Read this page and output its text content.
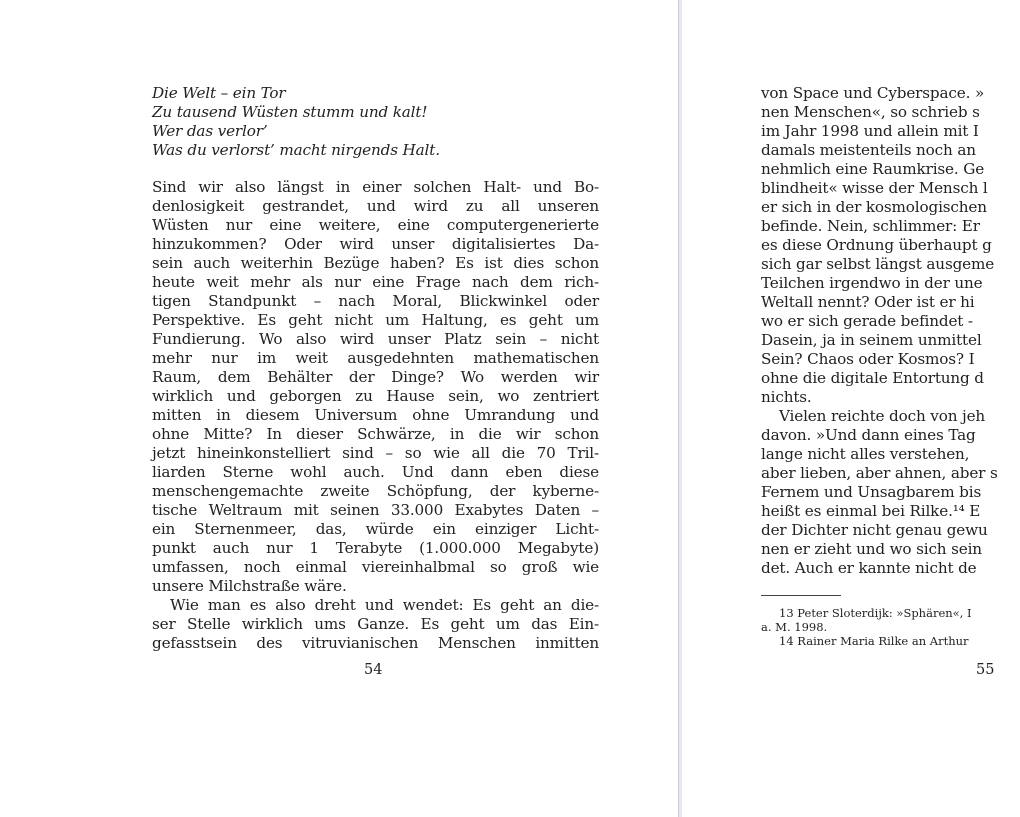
Die Welt – ein Tor
Zu tausend Wüsten stumm und kalt!
Wer das verlor’
Was du verlorst’ macht nirgends Halt.
Sind wir also längst in einer solchen Halt- und Bo-
denlosigkeit gestrandet, und wird zu all unseren
Wüsten nur eine weitere, eine computergenerierte
hinzukommen? Oder wird unser digitalisiertes Da-
sein auch weiterhin Bezüge haben? Es ist dies schon
heute weit mehr als nur eine Frage nach dem rich-
tigen Standpunkt – nach Moral, Blickwinkel oder
Perspektive. Es geht nicht um Haltung, es geht um
Fundierung. Wo also wird unser Platz sein – nicht
mehr nur im weit ausgedehnten mathematischen
Raum, dem Behälter der Dinge? Wo werden wir
wirklich und geborgen zu Hause sein, wo zentriert
mitten in diesem Universum ohne Umrandung und
ohne Mitte? In dieser Schwärze, in die wir schon
jetzt hineinkonstelliert sind – so wie all die 70 Tril-
liarden Sterne wohl auch. Und dann eben diese
menschengemachte zweite Schöpfung, der kyberne-
tische Weltraum mit seinen 33.000 Exabytes Daten –
ein Sternenmeer, das, würde ein einziger Licht-
punkt auch nur 1 Terabyte (1.000.000 Megabyte)
umfassen, noch einmal viereinhalbmal so groß wie
unsere Milchstraße wäre.
Wie man es also dreht und wendet: Es geht an die-
ser Stelle wirklich ums Ganze. Es geht um das Ein-
gefasstsein des vitruvianischen Menschen inmitten
54
von Space und Cyberspace. »
nen Menschen«, so schrieb s
im Jahr 1998 und allein mit I
damals meistenteils noch an
nehmlich eine Raumkrise. Ge
blindheit« wisse der Mensch l
er sich in der kosmologischen
befinde. Nein, schlimmer: Er
es diese Ordnung überhaupt g
sich gar selbst längst ausgeme
Teilchen irgendwo in der une
Weltall nennt? Oder ist er hi
wo er sich gerade befindet -
Dasein, ja in seinem unmittel
Sein? Chaos oder Kosmos? I
ohne die digitale Entortung d
nichts.
Vielen reichte doch von jeh
davon. »Und dann eines Tag
lange nicht alles verstehen,
aber lieben, aber ahnen, aber s
Fernem und Unsagbarem bis
heißt es einmal bei Rilke.¹⁴ E
der Dichter nicht genau gewu
nen er zieht und wo sich sein
det. Auch er kannte nicht de
13 Peter Sloterdijk: »Sphären«, I
a. M. 1998.
14 Rainer Maria Rilke an Arthur
55
